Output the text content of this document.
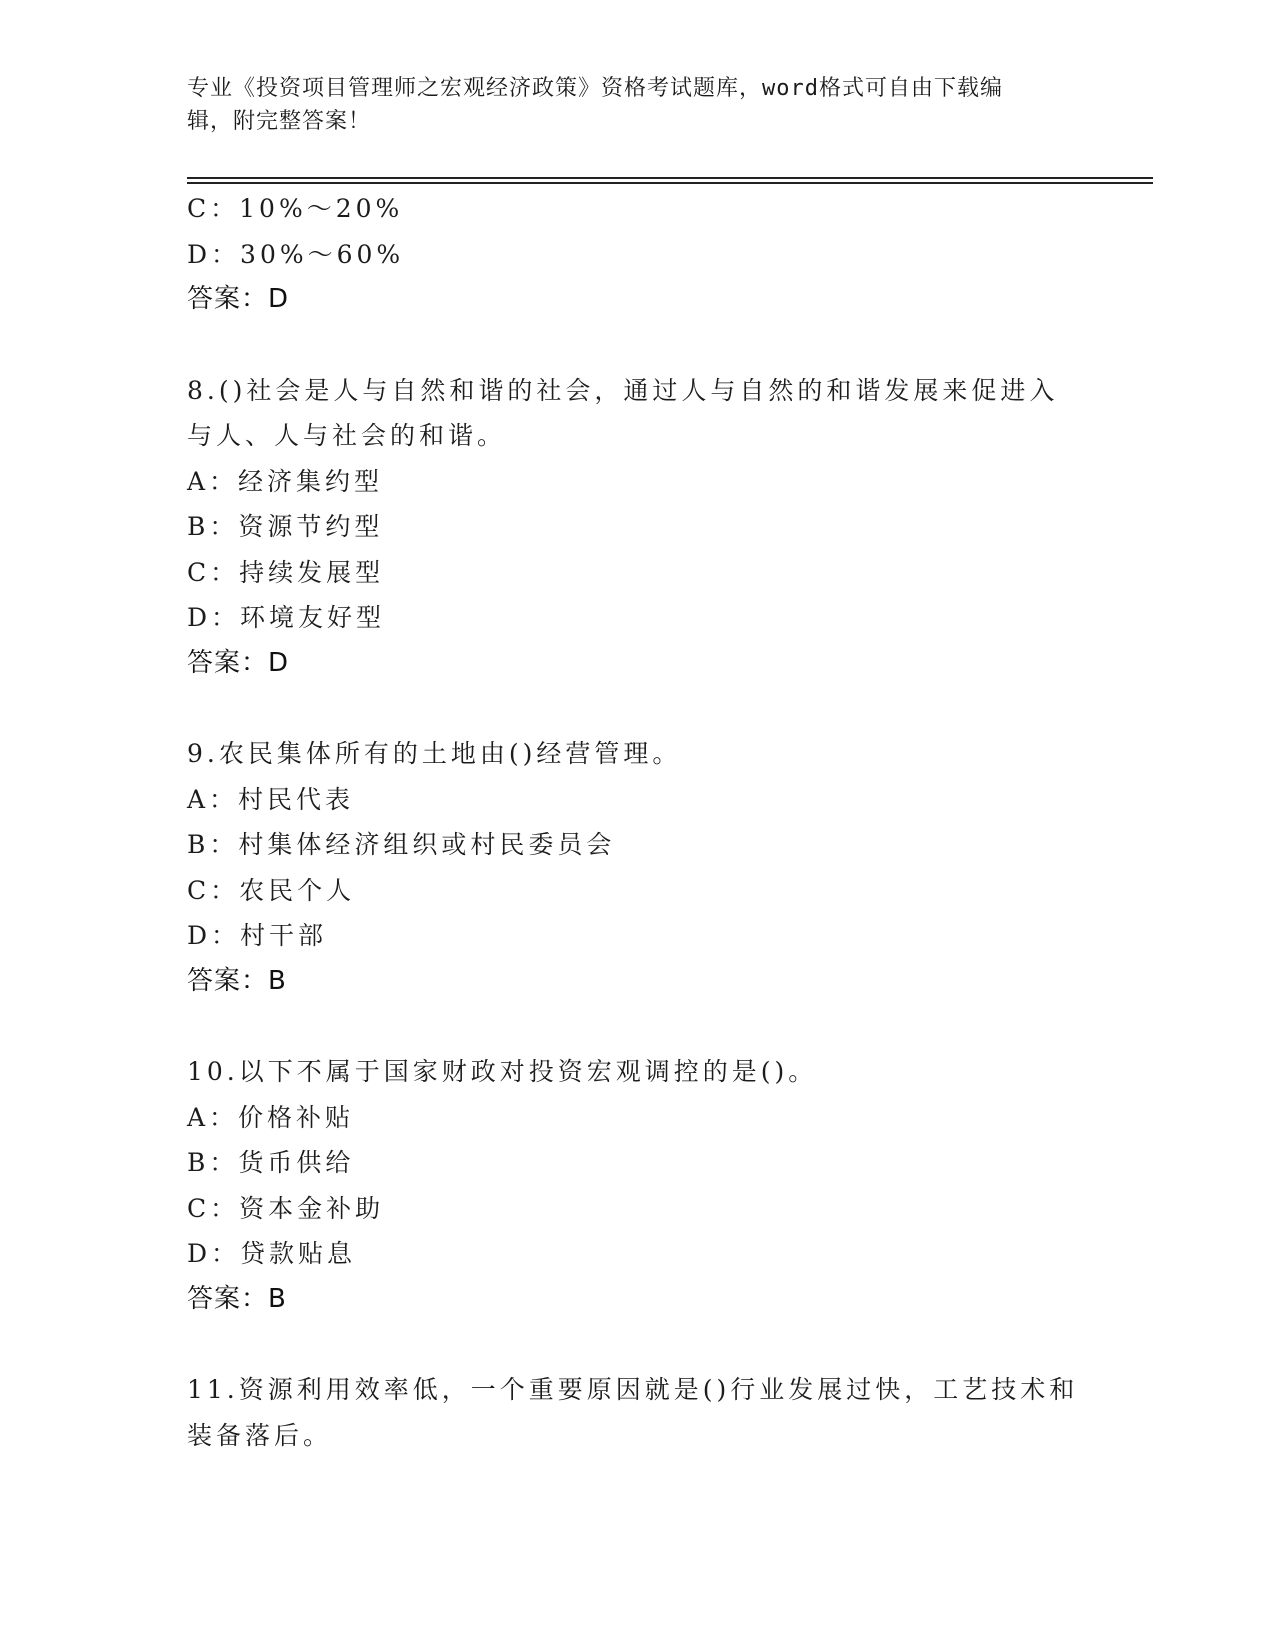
专业《投资项目管理师之宏观经济政策》资格考试题库，word格式可自由下载编
辑，附完整答案！
C：10%～20%
D：30%～60%
答案：D
8.()社会是人与自然和谐的社会，通过人与自然的和谐发展来促进入
与人、人与社会的和谐。
A：经济集约型
B：资源节约型
C：持续发展型
D：环境友好型
答案：D
9.农民集体所有的土地由()经营管理。
A：村民代表
B：村集体经济组织或村民委员会
C：农民个人
D：村干部
答案：B
10.以下不属于国家财政对投资宏观调控的是()。
A：价格补贴
B：货币供给
C：资本金补助
D：贷款贴息
答案：B
11.资源利用效率低，一个重要原因就是()行业发展过快，工艺技术和
装备落后。
